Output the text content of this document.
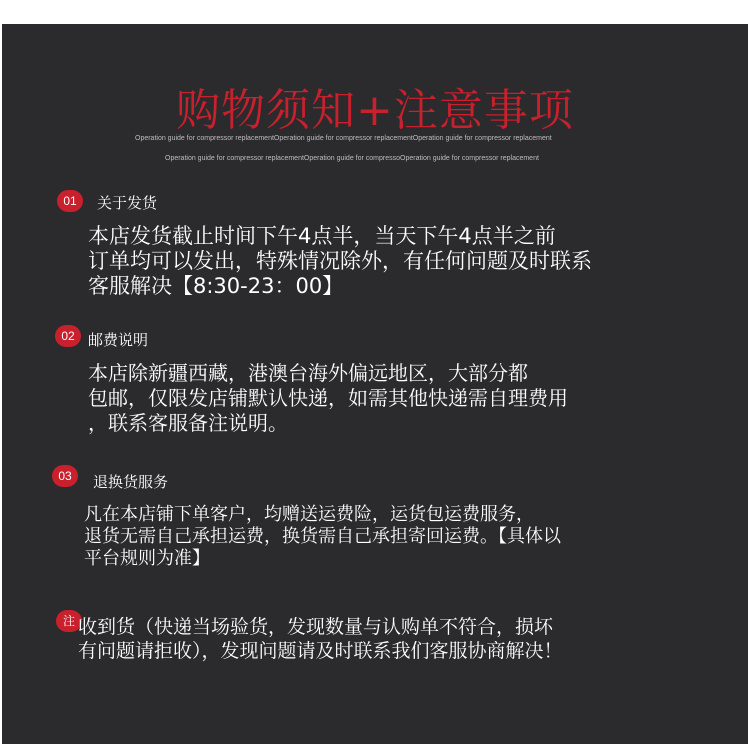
购物须知+注意事项
Operation guide for compressor replacementOperation guide for compressor replacementOperation guide for compressor replacement
Operation guide for compressor replacementOperation guide for compressoOperation guide for compressor replacement
01	关于发货

本店发货截止时间下午4点半，当天下午4点半之前
订单均可以发出，特殊情况除外，有任何问题及时联系
客服解决【8:30-23：00】

02 邮费说明

本店除新疆西藏，港澳台海外偏远地区，大部分都
包邮，仅限发店铺默认快递，如需其他快递需自理费用
，联系客服备注说明。

03	退换货服务

凡在本店铺下单客户，均赠送运费险，运货包运费服务，
退货无需自己承担运费，换货需自己承担寄回运费。【具体以
平台规则为准】

注 收到货（快递当场验货，发现数量与认购单不符合，损坏
有问题请拒收），发现问题请及时联系我们客服协商解决！
